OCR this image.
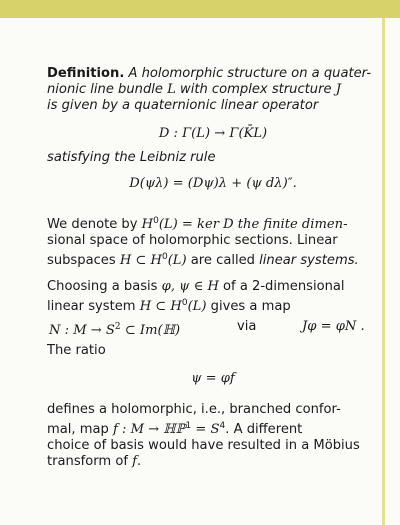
Definition. A holomorphic structure on a quater-
nionic line bundle L with complex structure J
is given by a quaternionic linear operator
D : Γ(L) → Γ(K̄L)
satisfying the Leibniz rule
D(ψλ) = (Dψ)λ + (ψ dλ)″.
We denote by $H^0(L)$ = ker D the finite dimen-
sional space of holomorphic sections. Linear
subspaces H ⊂ $H^0(L)$ are called linear systems.
Choosing a basis φ, ψ ∈ H of a 2-dimensional
linear system H ⊂ $H^0(L)$ gives a map
N : $M \to S^2$ ⊂ Im(ℍ)	via	Jφ = φN .
The ratio
ψ = φf
defines a holomorphic, i.e., branched confor-
mal, map f : M → ℍℙ$^1$ = $S^4$. A different
choice of basis would have resulted in a Möbius
transform of f.
